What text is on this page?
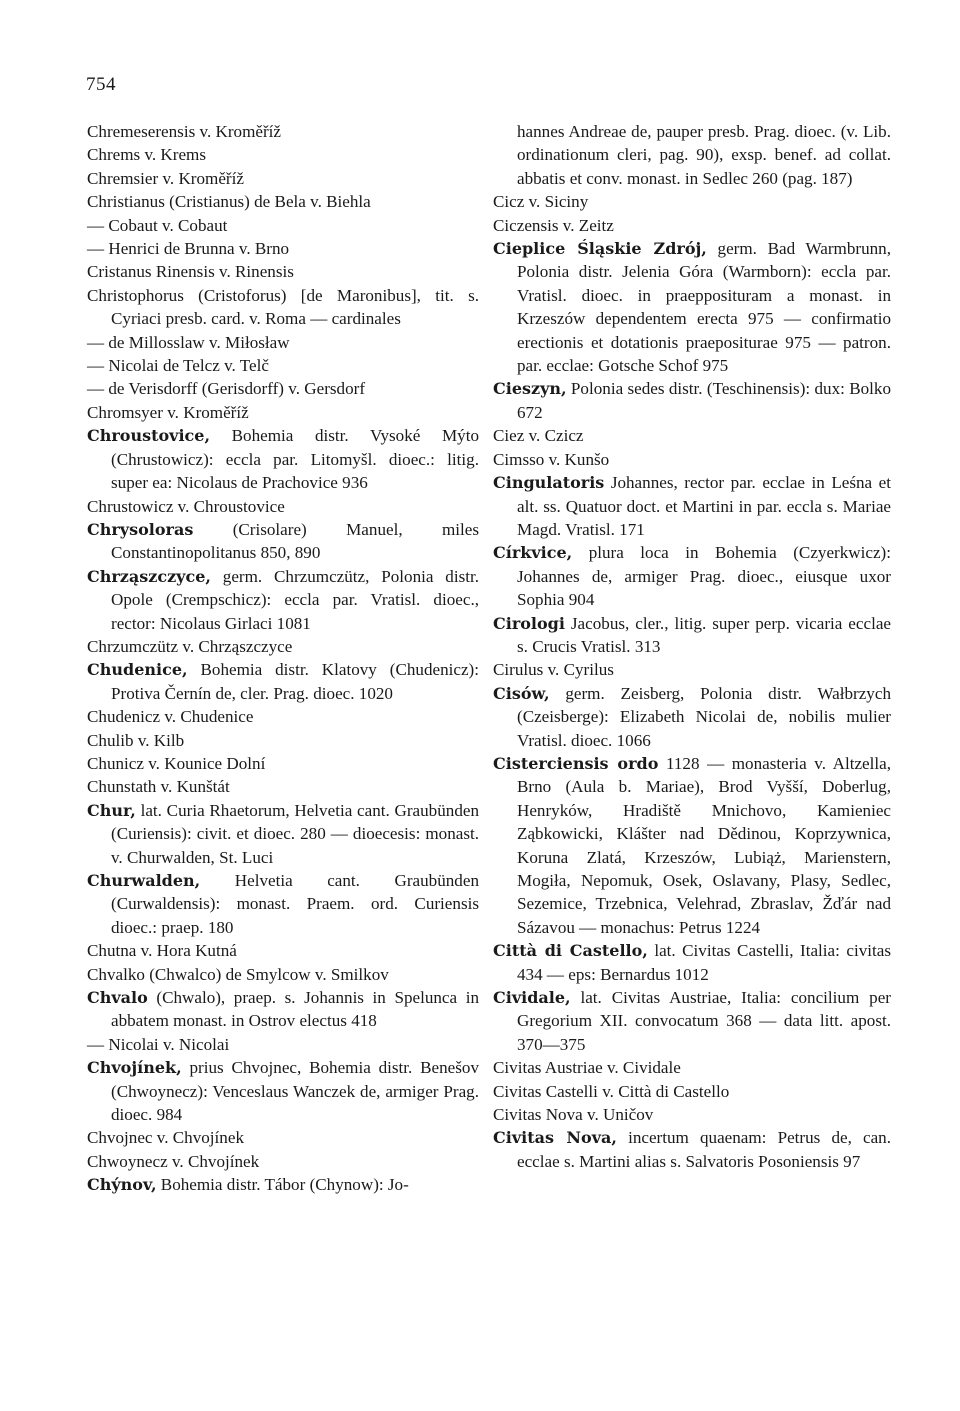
754
Chremeserensis v. Kroměříž
Chrems v. Krems
Chremsier v. Kroměříž
Christianus (Cristianus) de Bela v. Biehla
— Cobaut v. Cobaut
— Henrici de Brunna v. Brno
Cristanus Rinensis v. Rinensis
Christophorus (Cristoforus) [de Maronibus], tit. s. Cyriaci presb. card. v. Roma — cardinales
— de Millosslaw v. Miłosław
— Nicolai de Telcz v. Telč
— de Verisdorff (Gerisdorff) v. Gersdorf
Chromsyer v. Kroměříž
Chroustovice, Bohemia distr. Vysoké Mýto (Chrustowicz): eccla par. Litomyšl. dioec.: litig. super ea: Nicolaus de Prachovice 936
Chrustowicz v. Chroustovice
Chrysoloras (Crisolare) Manuel, miles Constantinopolitanus 850, 890
Chrząszczyce, germ. Chrzumczütz, Polonia distr. Opole (Crempschicz): eccla par. Vratisl. dioec., rector: Nicolaus Girlaci 1081
Chrzumczütz v. Chrząszczyce
Chudenice, Bohemia distr. Klatovy (Chudenicz): Protiva Černín de, cler. Prag. dioec. 1020
Chudenicz v. Chudenice
Chulib v. Kilb
Chunicz v. Kounice Dolní
Chunstath v. Kunštát
Chur, lat. Curia Rhaetorum, Helvetia cant. Graubünden (Curiensis): civit. et dioec. 280 — dioecesis: monast. v. Churwalden, St. Luci
Churwalden, Helvetia cant. Graubünden (Curwaldensis): monast. Praem. ord. Curiensis dioec.: praep. 180
Chutna v. Hora Kutná
Chvalko (Chwalco) de Smylcow v. Smilkov
Chvalo (Chwalo), praep. s. Johannis in Spelunca in abbatem monast. in Ostrov electus 418
— Nicolai v. Nicolai
Chvojínek, prius Chvojnec, Bohemia distr. Benešov (Chwoynecz): Venceslaus Wanczek de, armiger Prag. dioec. 984
Chvojnec v. Chvojínek
Chwoynecz v. Chvojínek
Chýnov, Bohemia distr. Tábor (Chynow): Jo-
hannes Andreae de, pauper presb. Prag. dioec. (v. Lib. ordinationum cleri, pag. 90), exsp. benef. ad collat. abbatis et conv. monast. in Sedlec 260 (pag. 187)
Cicz v. Siciny
Ciczensis v. Zeitz
Cieplice Śląskie Zdrój, germ. Bad Warmbrunn, Polonia distr. Jelenia Góra (Warmborn): eccla par. Vratisl. dioec. in praepposituram a monast. in Krzeszów dependentem erecta 975 — confirmatio erectionis et dotationis praepositurae 975 — patron. par. ecclae: Gotsche Schof 975
Cieszyn, Polonia sedes distr. (Teschinensis): dux: Bolko 672
Ciez v. Czicz
Cimsso v. Kunšo
Cingulatoris Johannes, rector par. ecclae in Leśna et alt. ss. Quatuor doct. et Martini in par. eccla s. Mariae Magd. Vratisl. 171
Církvice, plura loca in Bohemia (Czyerkwicz): Johannes de, armiger Prag. dioec., eiusque uxor Sophia 904
Cirologi Jacobus, cler., litig. super perp. vicaria ecclae s. Crucis Vratisl. 313
Cirulus v. Cyrilus
Cisów, germ. Zeisberg, Polonia distr. Wałbrzych (Czeisberge): Elizabeth Nicolai de, nobilis mulier Vratisl. dioec. 1066
Cisterciensis ordo 1128 — monasteria v. Altzella, Brno (Aula b. Mariae), Brod Vyšší, Doberlug, Henryków, Hradiště Mnichovo, Kamieniec Ząbkowicki, Klášter nad Dědinou, Koprzywnica, Koruna Zlatá, Krzeszów, Lubiąż, Marienstern, Mogiła, Nepomuk, Osek, Oslavany, Plasy, Sedlec, Sezemice, Trzebnica, Velehrad, Zbraslav, Žďár nad Sázavou — monachus: Petrus 1224
Città di Castello, lat. Civitas Castelli, Italia: civitas 434 — eps: Bernardus 1012
Cividale, lat. Civitas Austriae, Italia: concilium per Gregorium XII. convocatum 368 — data litt. apost. 370—375
Civitas Austriae v. Cividale
Civitas Castelli v. Città di Castello
Civitas Nova v. Uničov
Civitas Nova, incertum quaenam: Petrus de, can. ecclae s. Martini alias s. Salvatoris Posoniensis 97
